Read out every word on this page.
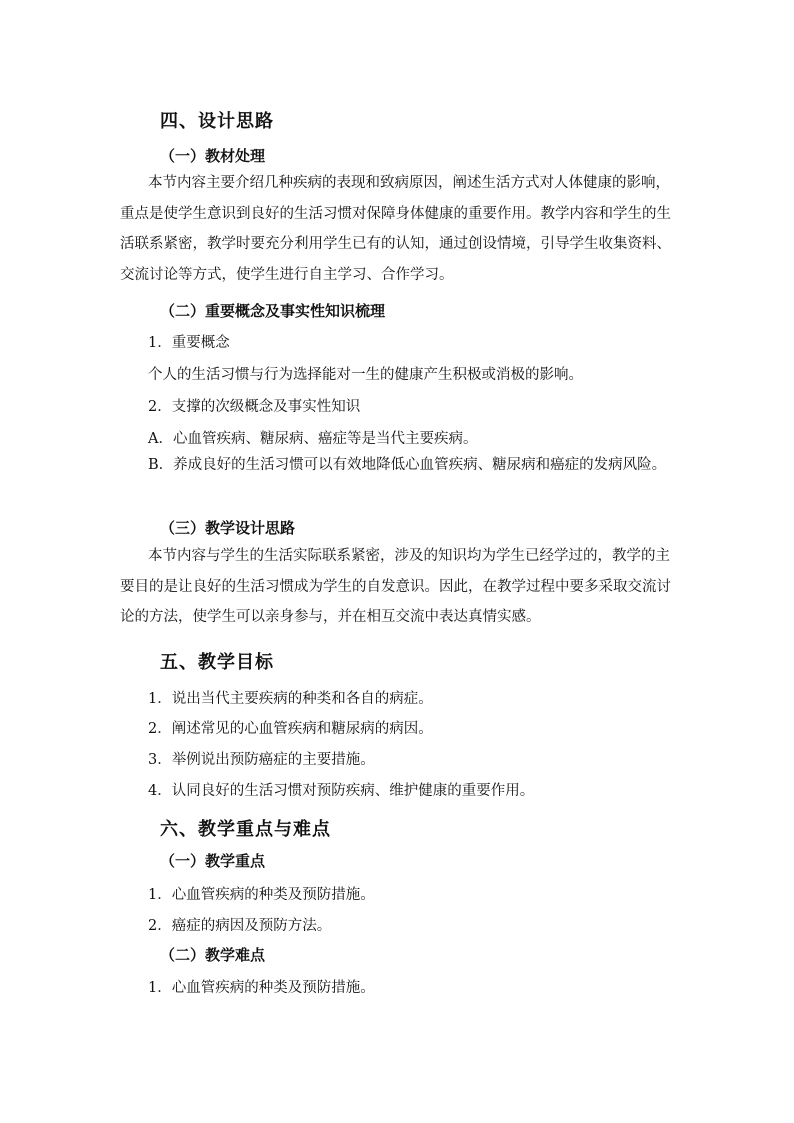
四、设计思路
（一）教材处理
本节内容主要介绍几种疾病的表现和致病原因，阐述生活方式对人体健康的影响，重点是使学生意识到良好的生活习惯对保障身体健康的重要作用。教学内容和学生的生活联系紧密，教学时要充分利用学生已有的认知，通过创设情境，引导学生收集资料、交流讨论等方式，使学生进行自主学习、合作学习。
（二）重要概念及事实性知识梳理
1．重要概念
个人的生活习惯与行为选择能对一生的健康产生积极或消极的影响。
2．支撑的次级概念及事实性知识
A．心血管疾病、糖尿病、癌症等是当代主要疾病。
B．养成良好的生活习惯可以有效地降低心血管疾病、糖尿病和癌症的发病风险。
（三）教学设计思路
本节内容与学生的生活实际联系紧密，涉及的知识均为学生已经学过的，教学的主要目的是让良好的生活习惯成为学生的自发意识。因此，在教学过程中要多采取交流讨论的方法，使学生可以亲身参与，并在相互交流中表达真情实感。
五、教学目标
1．说出当代主要疾病的种类和各自的病症。
2．阐述常见的心血管疾病和糖尿病的病因。
3．举例说出预防癌症的主要措施。
4．认同良好的生活习惯对预防疾病、维护健康的重要作用。
六、教学重点与难点
（一）教学重点
1．心血管疾病的种类及预防措施。
2．癌症的病因及预防方法。
（二）教学难点
1．心血管疾病的种类及预防措施。
